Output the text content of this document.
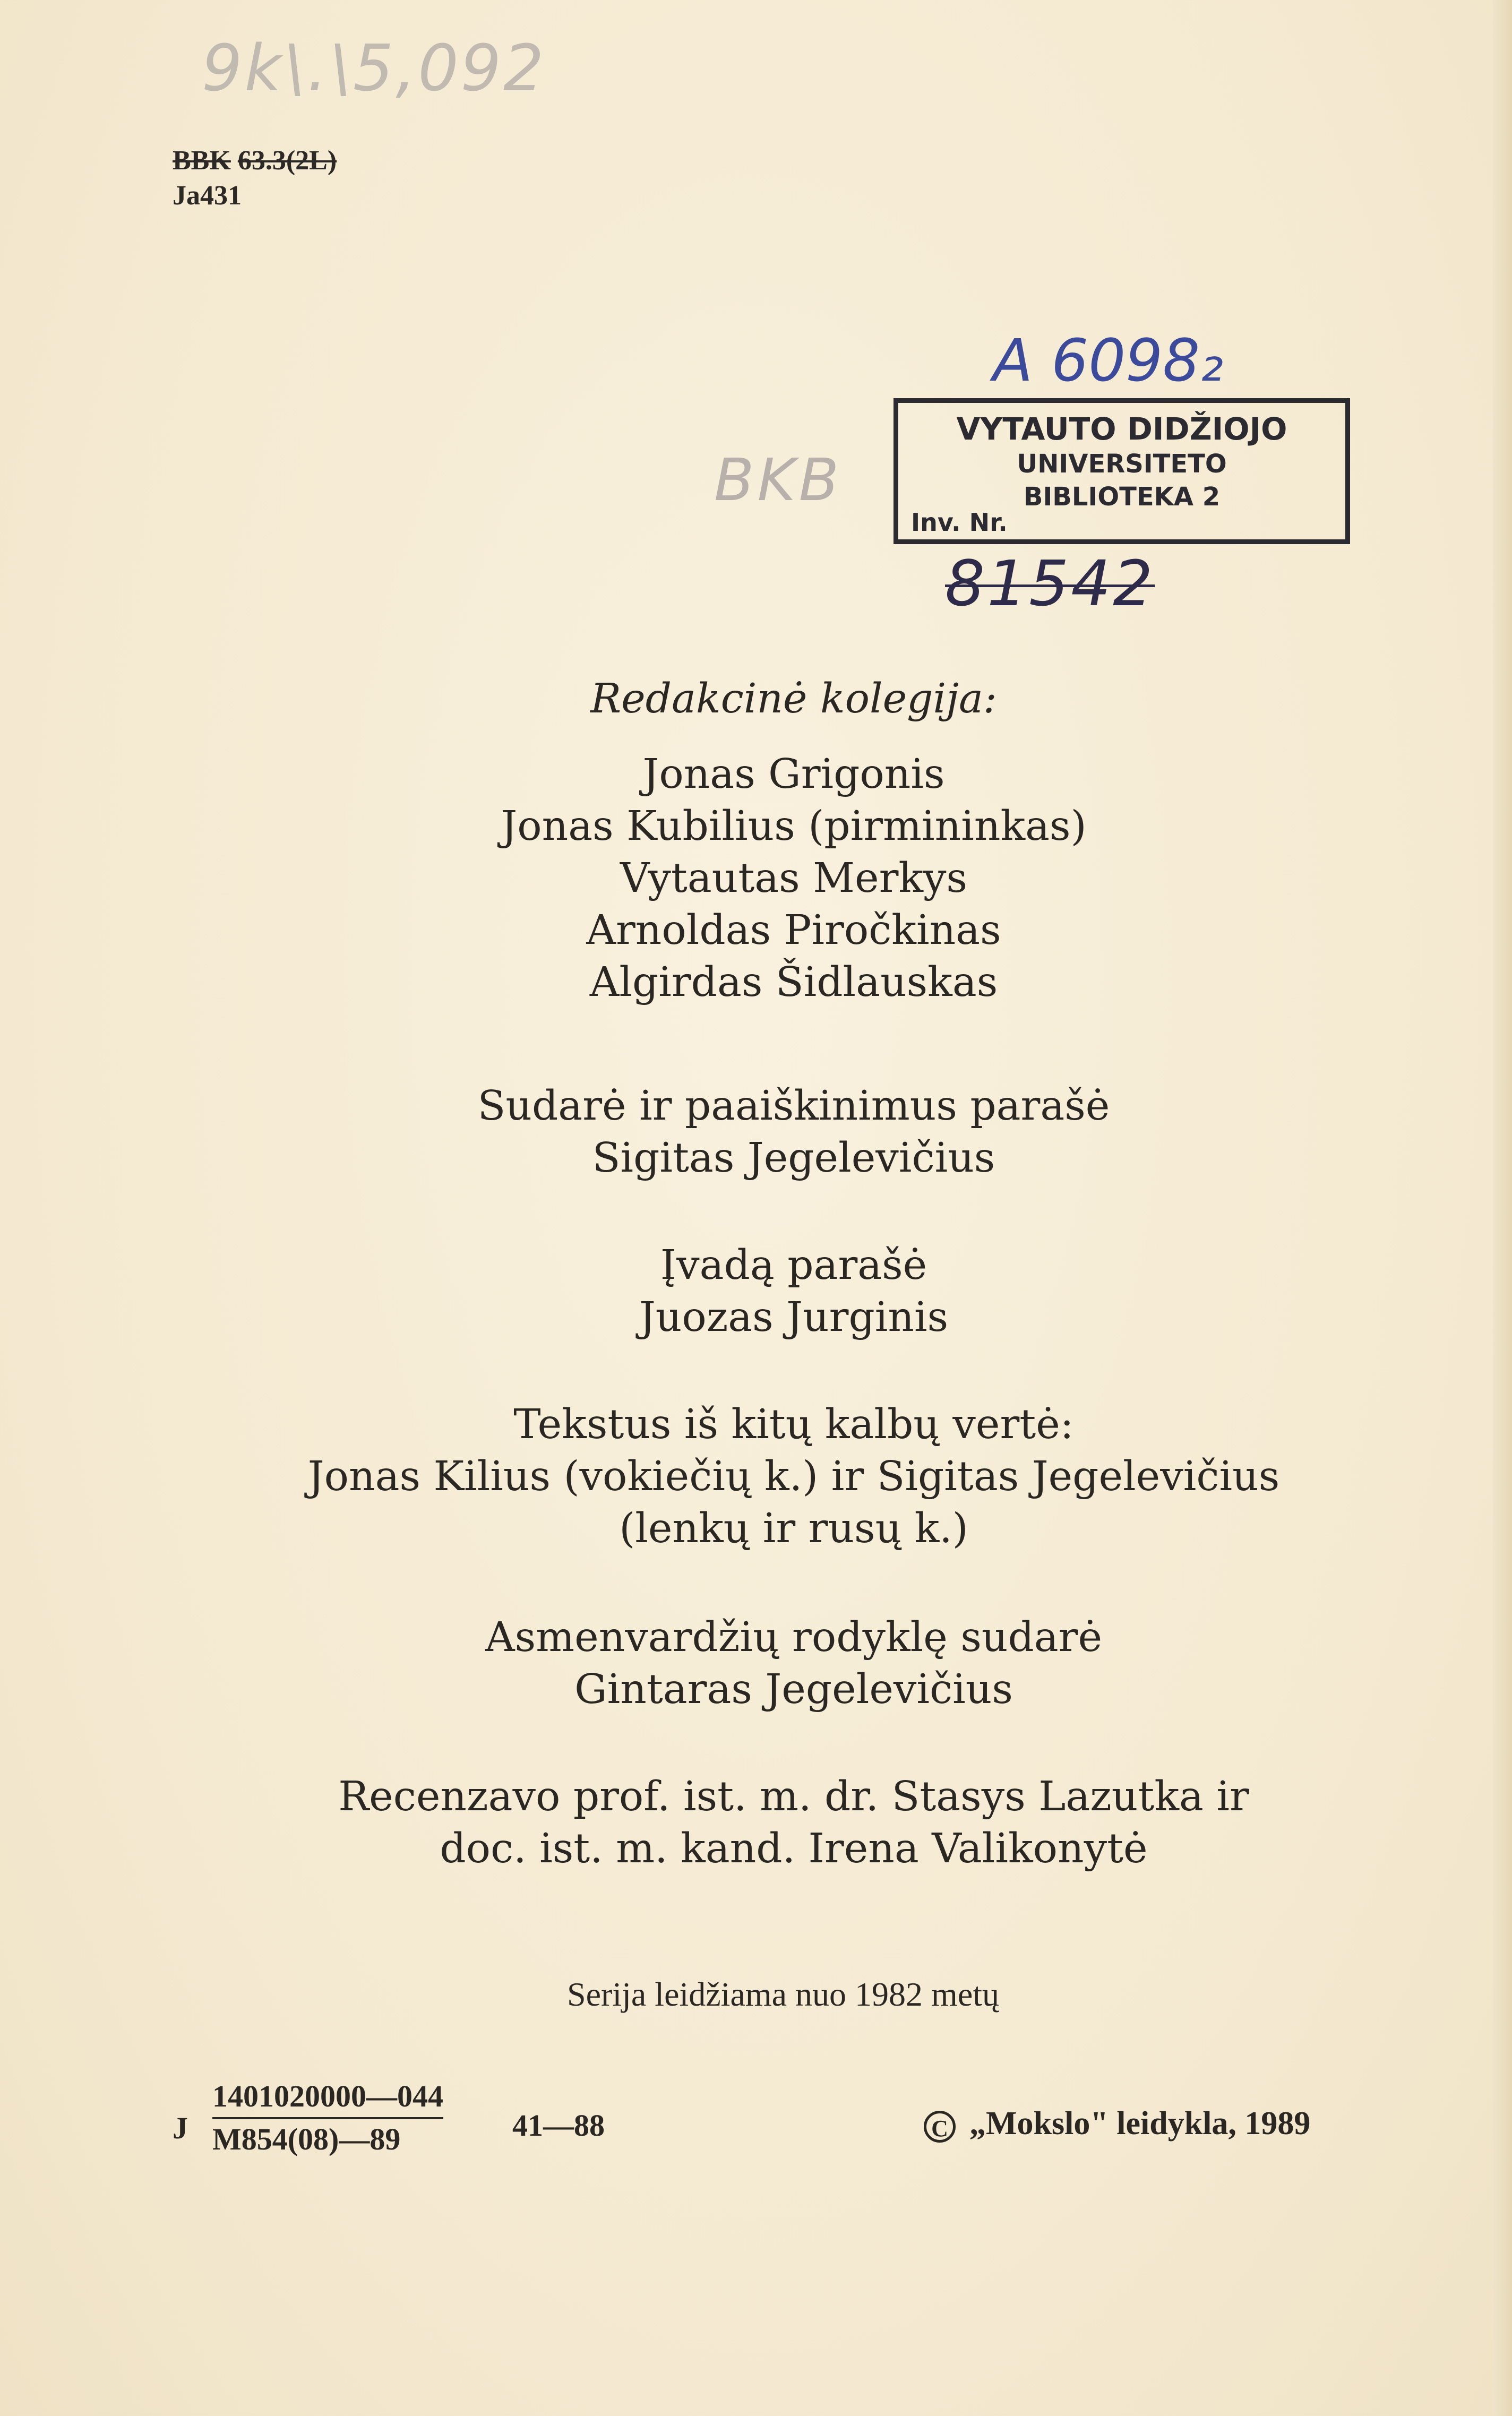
9k\.\5,092
BBK 63.3(2L)
Ja431
BKB
A 6098₂
VYTAUTO DIDŽIOJO
UNIVERSITETO
BIBLIOTEKA 2
Inv. Nr.
81542

Redakcinė kolegija:

Jonas Grigonis

Jonas Kubilius (pirmininkas)

Vytautas Merkys

Arnoldas Piročkinas

Algirdas Šidlauskas

Sudarė ir paaiškinimus parašė

Sigitas Jegelevičius

Įvadą parašė

Juozas Jurginis

Tekstus iš kitų kalbų vertė:

Jonas Kilius (vokiečių k.) ir Sigitas Jegelevičius

(lenkų ir rusų k.)

Asmenvardžių rodyklę sudarė

Gintaras Jegelevičius

Recenzavo prof. ist. m. dr. Stasys Lazutka ir

doc. ist. m. kand. Irena Valikonytė

Serija leidžiama nuo 1982 metų
J $\frac{1401020000—044}{M854(08)—89}$ 41—88	C „Mokslo" leidykla, 1989
